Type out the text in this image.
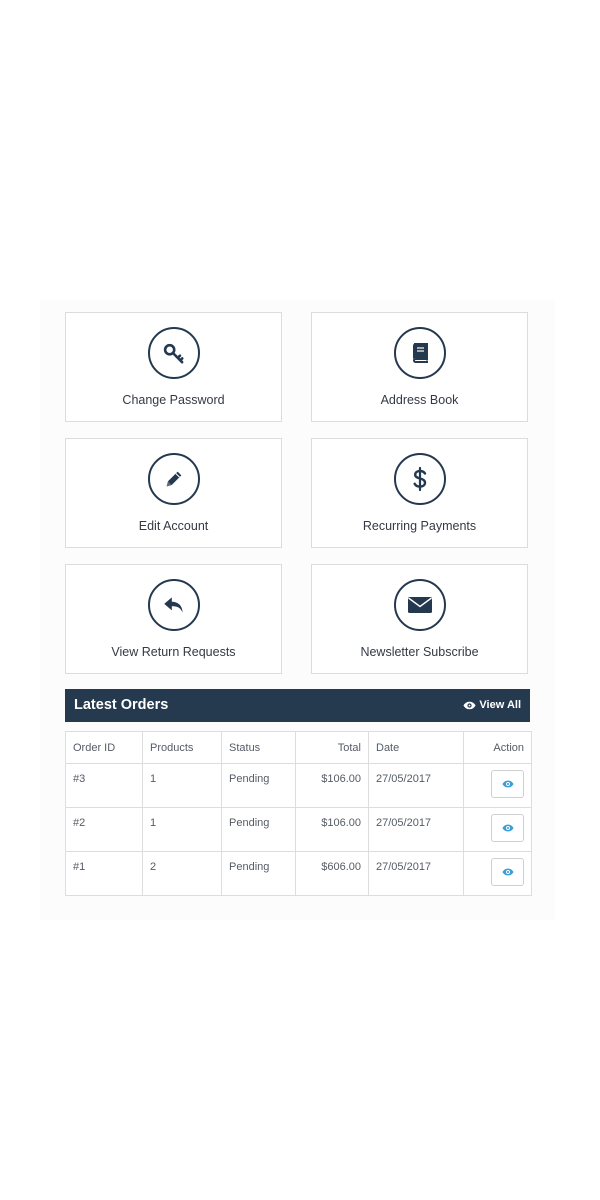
Change Password	Address Book
Edit Account	Recurring Payments
View Return Requests	Newsletter Subscribe
Latest Orders	View All
Order ID	Products	Status	Total	Date	Action
#3	1	Pending	$106.00	27/05/2017	

#2	1	Pending	$106.00	27/05/2017	

#1	2	Pending	$606.00	27/05/2017	
